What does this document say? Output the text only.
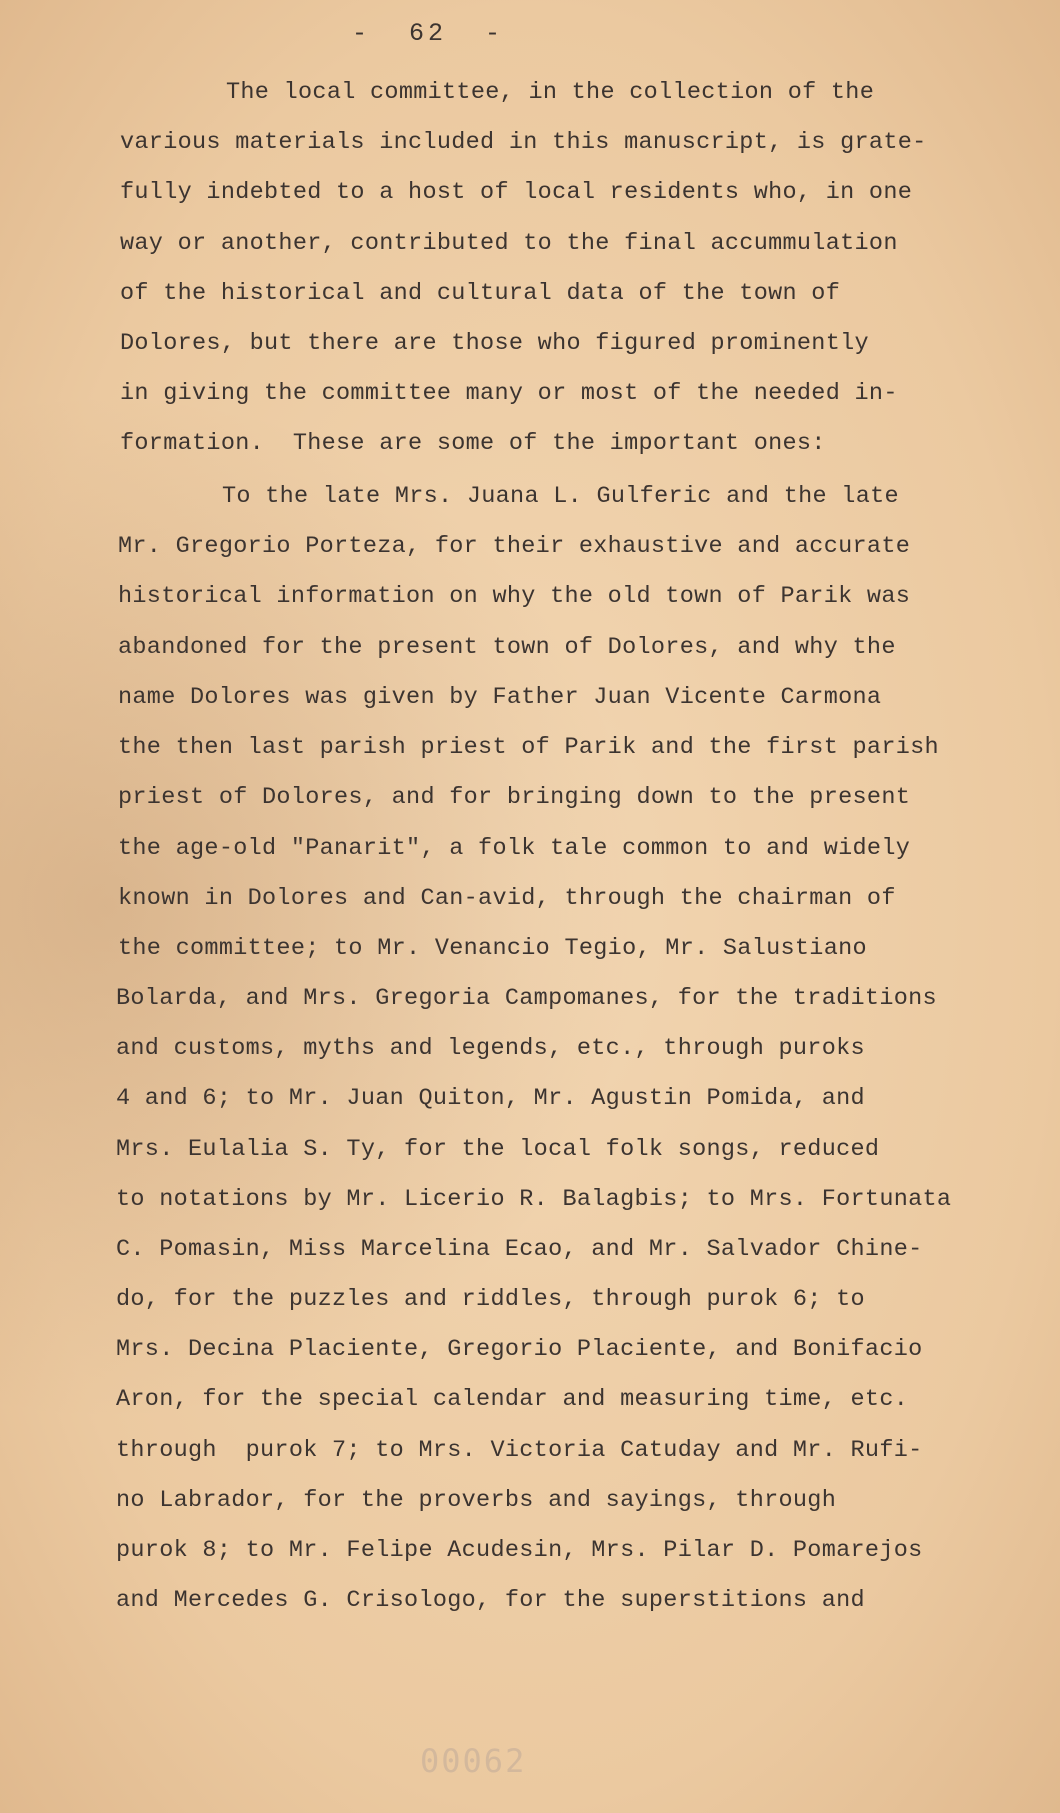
-  62  -
The local committee, in the collection of the
various materials included in this manuscript, is grate-
fully indebted to a host of local residents who, in one
way or another, contributed to the final accummulation
of the historical and cultural data of the town of
Dolores, but there are those who figured prominently
in giving the committee many or most of the needed in-
formation.  These are some of the important ones:
To the late Mrs. Juana L. Gulferic and the late
Mr. Gregorio Porteza, for their exhaustive and accurate
historical information on why the old town of Parik was
abandoned for the present town of Dolores, and why the
name Dolores was given by Father Juan Vicente Carmona
the then last parish priest of Parik and the first parish
priest of Dolores, and for bringing down to the present
the age-old "Panarit", a folk tale common to and widely
known in Dolores and Can-avid, through the chairman of
the committee; to Mr. Venancio Tegio, Mr. Salustiano
Bolarda, and Mrs. Gregoria Campomanes, for the traditions
and customs, myths and legends, etc., through puroks
4 and 6; to Mr. Juan Quiton, Mr. Agustin Pomida, and
Mrs. Eulalia S. Ty, for the local folk songs, reduced
to notations by Mr. Licerio R. Balagbis; to Mrs. Fortunata
C. Pomasin, Miss Marcelina Ecao, and Mr. Salvador Chine-
do, for the puzzles and riddles, through purok 6; to
Mrs. Decina Placiente, Gregorio Placiente, and Bonifacio
Aron, for the special calendar and measuring time, etc.
through  purok 7; to Mrs. Victoria Catuday and Mr. Rufi-
no Labrador, for the proverbs and sayings, through
purok 8; to Mr. Felipe Acudesin, Mrs. Pilar D. Pomarejos
and Mercedes G. Crisologo, for the superstitions and
00062
